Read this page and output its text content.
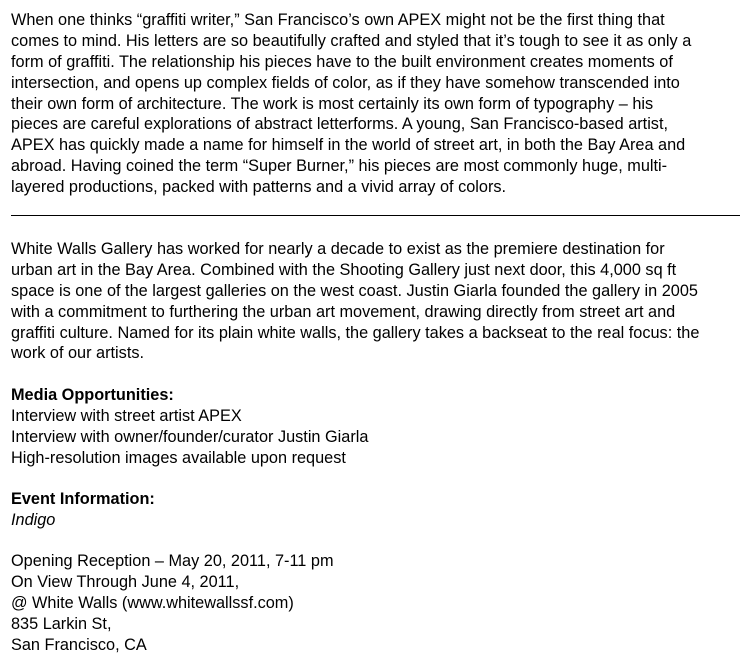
When one thinks “graffiti writer,” San Francisco’s own APEX might not be the first thing that
comes to mind. His letters are so beautifully crafted and styled that it’s tough to see it as only a
form of graffiti. The relationship his pieces have to the built environment creates moments of
intersection, and opens up complex fields of color, as if they have somehow transcended into
their own form of architecture. The work is most certainly its own form of typography – his
pieces are careful explorations of abstract letterforms. A young, San Francisco-based artist,
APEX has quickly made a name for himself in the world of street art, in both the Bay Area and
abroad. Having coined the term “Super Burner,” his pieces are most commonly huge, multi-
layered productions, packed with patterns and a vivid array of colors.
White Walls Gallery has worked for nearly a decade to exist as the premiere destination for
urban art in the Bay Area. Combined with the Shooting Gallery just next door, this 4,000 sq ft
space is one of the largest galleries on the west coast. Justin Giarla founded the gallery in 2005
with a commitment to furthering the urban art movement, drawing directly from street art and
graffiti culture. Named for its plain white walls, the gallery takes a backseat to the real focus: the
work of our artists.
Media Opportunities:
Interview with street artist APEX
Interview with owner/founder/curator Justin Giarla
High-resolution images available upon request
Event Information:
Indigo
Opening Reception – May 20, 2011, 7-11 pm
On View Through June 4, 2011,
@ White Walls (www.whitewallssf.com)
835 Larkin St,
San Francisco, CA
